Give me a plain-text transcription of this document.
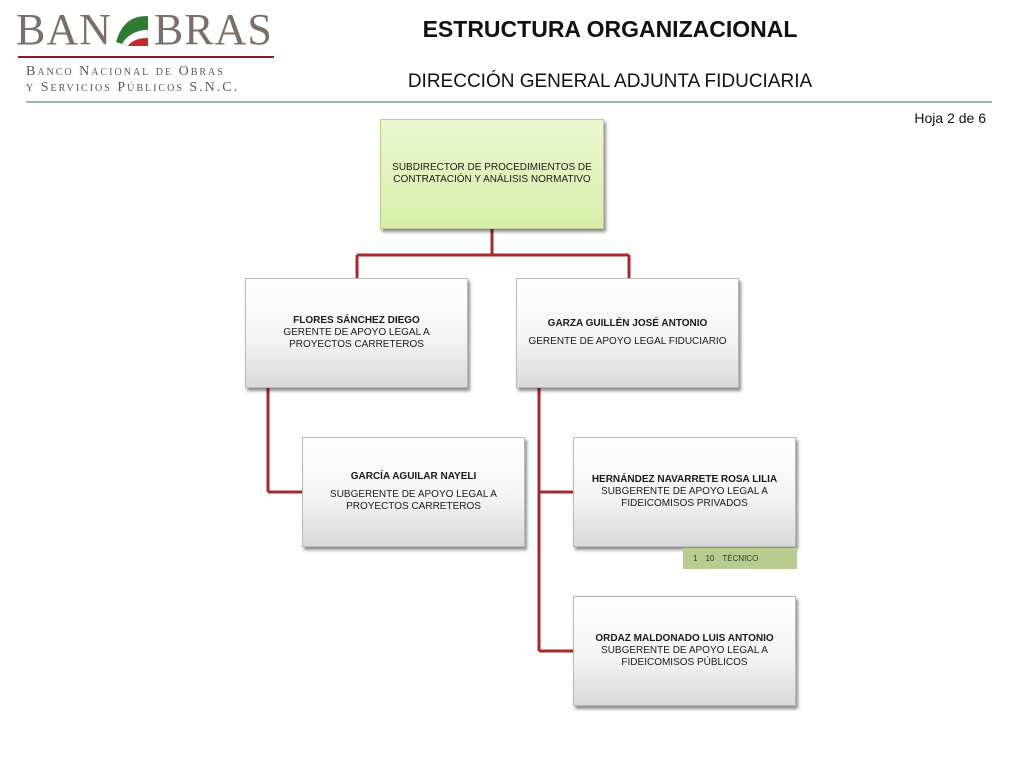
BAN BRAS
Banco Nacional de Obras
y Servicios Públicos S.N.C.
ESTRUCTURA ORGANIZACIONAL
DIRECCIÓN GENERAL ADJUNTA FIDUCIARIA
Hoja 2 de 6
SUBDIRECTOR DE PROCEDIMIENTOS DE CONTRATACIÓN Y ANÁLISIS NORMATIVO
FLORES SÁNCHEZ DIEGO
GERENTE DE APOYO LEGAL A PROYECTOS CARRETEROS
GARZA GUILLÉN JOSÉ ANTONIO
GERENTE DE APOYO LEGAL FIDUCIARIO
GARCÍA AGUILAR NAYELI
SUBGERENTE DE APOYO LEGAL A PROYECTOS CARRETEROS
HERNÁNDEZ NAVARRETE ROSA LILIA
SUBGERENTE DE APOYO LEGAL A FIDEICOMISOS PRIVADOS
1 10 TÉCNICO
ORDAZ MALDONADO LUIS ANTONIO
SUBGERENTE DE APOYO LEGAL A FIDEICOMISOS PÚBLICOS
